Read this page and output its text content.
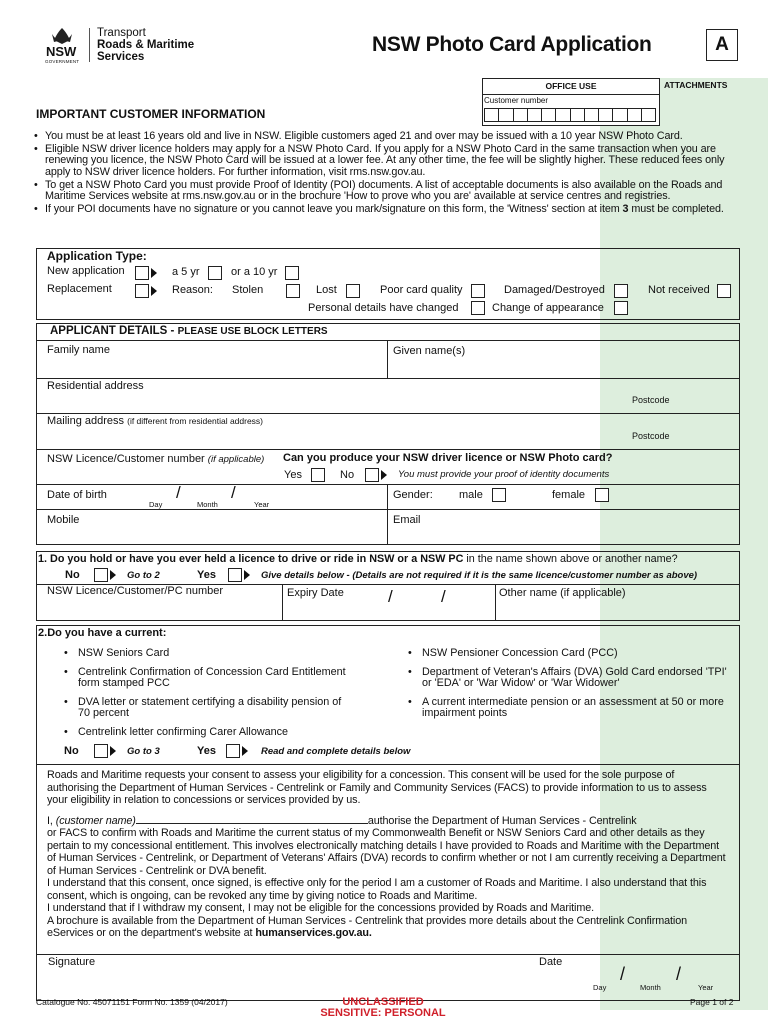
NSW
GOVERNMENT
Transport
Roads & Maritime
Services
NSW Photo Card Application	A
OFFICE USE
Customer number
ATTACHMENTS
IMPORTANT CUSTOMER INFORMATION

• You must be at least 16 years old and live in NSW. Eligible customers aged 21 and over may be issued with a 10 year NSW Photo Card.

• Eligible NSW driver licence holders may apply for a NSW Photo Card. If you apply for a NSW Photo Card in the same transaction when you are renewing you licence, the NSW Photo Card will be issued at a lower fee. At any other time, the fee will be slightly higher. These reduced fees only apply to NSW driver licence holders. For further information, visit rms.nsw.gov.au.

• To get a NSW Photo Card you must provide Proof of Identity (POI) documents. A list of acceptable documents is also available on the Roads and Maritime Services website at rms.nsw.gov.au or in the brochure 'How to prove who you are' available at service centres and registries.

• If your POI documents have no signature or you cannot leave you mark/signature on this form, the 'Witness' section at item 3 must be completed.

Application Type:
New application	a 5 yr	or a 10 yr
Replacement	Reason: Stolen	Lost	Poor card quality	Damaged/Destroyed	Not received
Personal details have changed	Change of appearance
APPLICANT DETAILS - PLEASE USE BLOCK LETTERS
Family name	Given name(s)
Residential address
Postcode
Mailing address (if different from residential address)
Postcode
NSW Licence/Customer number (if applicable) Can you produce your NSW driver licence or NSW Photo card?
Yes	No	You must provide your proof of identity documents
Date of birth	/	/
Day	Month	Year
Gender: male	female
Mobile	Email
1. Do you hold or have you ever held a licence to drive or ride in NSW or a NSW PC in the name shown above or another name?
No	Go to 2	Yes	Give details below - (Details are not required if it is the same licence/customer number as above)
NSW Licence/Customer/PC number	Expiry Date	/	/	Other name (if applicable)
2.Do you have a current:

• NSW Seniors Card

• Centrelink Confirmation of Concession Card Entitlement form stamped PCC

• DVA letter or statement certifying a disability pension of 70 percent

• Centrelink letter confirming Carer Allowance

• NSW Pensioner Concession Card (PCC)

• Department of Veteran's Affairs (DVA) Gold Card endorsed 'TPI' or 'EDA' or 'War Widow' or 'War Widower'

• A current intermediate pension or an assessment at 50 or more impairment points

No	Go to 3	Yes	Read and complete details below

Roads and Maritime requests your consent to assess your eligibility for a concession. This consent will be used for the sole purpose of authorising the Department of Human Services - Centrelink or Family and Community Services (FACS) to provide information to us to assess your eligibility in relation to concessions or services provided by us.

I, (customer name)	authorise the Department of Human Services - Centrelink

or FACS to confirm with Roads and Maritime the current status of my Commonwealth Benefit or NSW Seniors Card and other details as they pertain to my concessional entitlement. This involves electronically matching details I have provided to Roads and Maritime with the Department of Human Services - Centrelink, or Department of Veterans' Affairs (DVA) records to confirm whether or not I am currently receiving a Department of Human Services - Centrelink or DVA benefit.

I understand that this consent, once signed, is effective only for the period I am a customer of Roads and Maritime. I also understand that this consent, which is ongoing, can be revoked any time by giving notice to Roads and Maritime.

I understand that if I withdraw my consent, I may not be eligible for the concessions provided by Roads and Maritime.

A brochure is available from the Department of Human Services - Centrelink that provides more details about the Centrelink Confirmation eServices or on the department's website at humanservices.gov.au.

Signature	Date
/	/
Day	Month	Year
Catalogue No. 45071151 Form No. 1359 (04/2017)	UNCLASSIFIED
SENSITIVE: PERSONAL
Page 1 of 2
